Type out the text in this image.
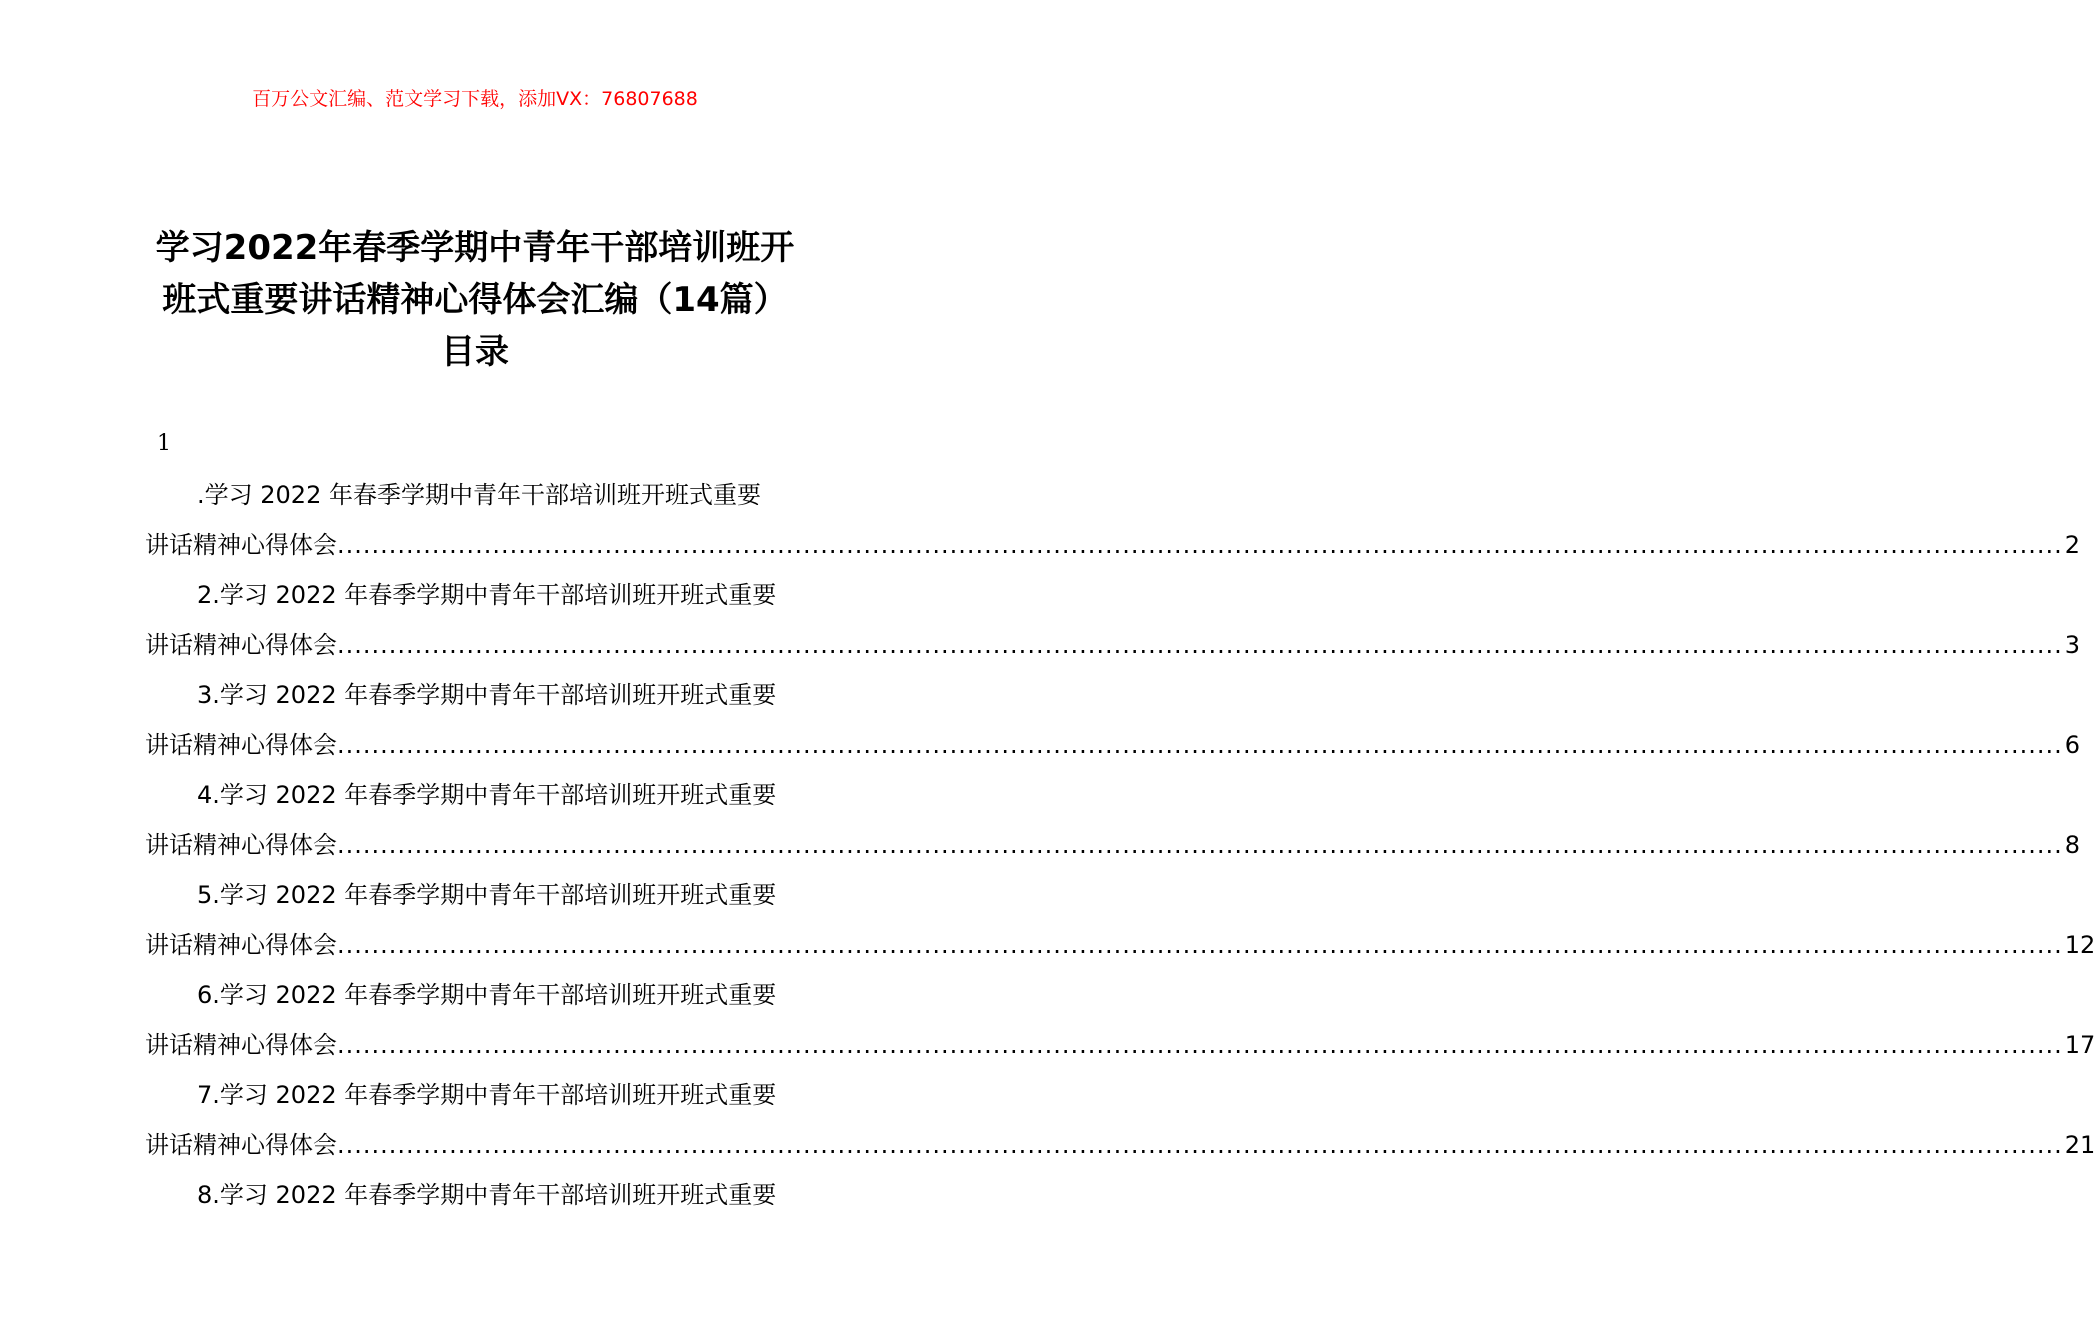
百万公文汇编、范文学习下载，添加VX：76807688
学习2022年春季学期中青年干部培训班开
班式重要讲话精神心得体会汇编（14篇）
目录
1
.学习 2022 年春季学期中青年干部培训班开班式重要
讲话精神心得体会 ........................................................................................................................................................................................................ 2
2.学习 2022 年春季学期中青年干部培训班开班式重要
讲话精神心得体会 ........................................................................................................................................................................................................ 3
3.学习 2022 年春季学期中青年干部培训班开班式重要
讲话精神心得体会 ........................................................................................................................................................................................................ 6
4.学习 2022 年春季学期中青年干部培训班开班式重要
讲话精神心得体会 ........................................................................................................................................................................................................ 8
5.学习 2022 年春季学期中青年干部培训班开班式重要
讲话精神心得体会 ........................................................................................................................................................................................................ 12
6.学习 2022 年春季学期中青年干部培训班开班式重要
讲话精神心得体会 ........................................................................................................................................................................................................ 17
7.学习 2022 年春季学期中青年干部培训班开班式重要
讲话精神心得体会 ........................................................................................................................................................................................................ 21
8.学习 2022 年春季学期中青年干部培训班开班式重要
